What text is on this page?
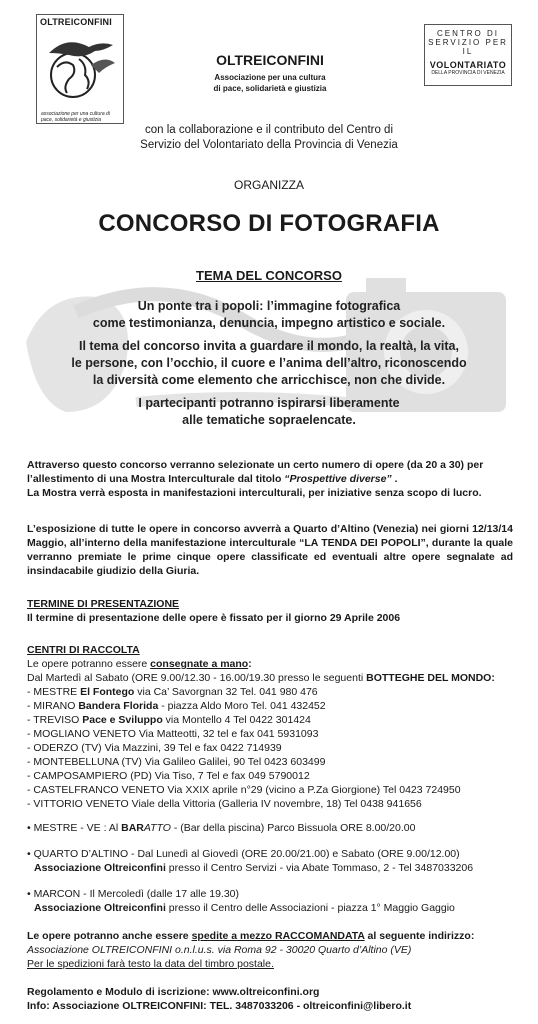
OLTREICONFINI
associazione per una cultura di pace, solidarietà e giustizia
OLTREICONFINI
Associazione per una cultura
di pace, solidarietà e giustizia
CENTRO DI SERVIZIO PER IL
VOLONTARIATO
DELLA PROVINCIA DI VENEZIA
con la collaborazione e il contributo del Centro di
Servizio del Volontariato della Provincia di Venezia
ORGANIZZA
CONCORSO DI FOTOGRAFIA
TEMA DEL CONCORSO

Un ponte tra i popoli: l’immagine fotografica
come testimonianza, denuncia, impegno artistico e sociale.

Il tema del concorso invita a guardare il mondo, la realtà, la vita,
le persone, con l’occhio, il cuore e l’anima dell’altro, riconoscendo
la diversità come elemento che arricchisce, non che divide.

I partecipanti potranno ispirarsi liberamente
alle tematiche sopraelencate.

Attraverso questo concorso verranno selezionate un certo numero di opere (da 20 a 30) per
l’allestimento di una Mostra Interculturale dal titolo “Prospettive diverse” .
La Mostra verrà esposta in manifestazioni interculturali, per iniziative senza scopo di lucro.
L’esposizione di tutte le opere in concorso avverrà a Quarto d’Altino (Venezia) nei giorni 12/13/14 Maggio, all’interno della manifestazione interculturale “LA TENDA DEI POPOLI”, durante la quale verranno premiate le prime cinque opere classificate ed eventuali altre opere segnalate ad insindacabile giudizio della Giuria.
TERMINE DI PRESENTAZIONE
Il termine di presentazione delle opere è fissato per il giorno 29 Aprile 2006
CENTRI DI RACCOLTA
Le opere potranno essere consegnate a mano:
Dal Martedì al Sabato (ORE 9.00/12.30 - 16.00/19.30 presso le seguenti BOTTEGHE DEL MONDO:
- MESTRE El Fontego via Ca’ Savorgnan 32 Tel. 041 980 476
- MIRANO Bandera Florida - piazza Aldo Moro Tel. 041 432452
- TREVISO Pace e Sviluppo via Montello 4 Tel 0422 301424
- MOGLIANO VENETO Via Matteotti, 32 tel e fax 041 5931093
- ODERZO (TV) Via Mazzini, 39 Tel e fax 0422 714939
- MONTEBELLUNA (TV) Via Galileo Galilei, 90 Tel 0423 603499
- CAMPOSAMPIERO (PD) Via Tiso, 7 Tel e fax 049 5790012
- CASTELFRANCO VENETO Via XXIX aprile n°29 (vicino a P.Za Giorgione) Tel 0423 724950
- VITTORIO VENETO Viale della Vittoria (Galleria IV novembre, 18) Tel 0438 941656
• MESTRE - VE : Al BARATTO - (Bar della piscina) Parco Bissuola ORE 8.00/20.00
• QUARTO D’ALTINO - Dal Lunedì al Giovedì (ORE 20.00/21.00) e Sabato (ORE 9.00/12.00)
Associazione Oltreiconfini presso il Centro Servizi - via Abate Tommaso, 2 - Tel 3487033206
• MARCON - Il Mercoledì (dalle 17 alle 19.30)
Associazione Oltreiconfini presso il Centro delle Associazioni - piazza 1° Maggio Gaggio
Le opere potranno anche essere spedite a mezzo RACCOMANDATA al seguente indirizzo:
Associazione OLTREICONFINI o.n.l.u.s. via Roma 92 - 30020 Quarto d’Altino (VE)
Per le spedizioni farà testo la data del timbro postale.
Regolamento e Modulo di iscrizione: www.oltreiconfini.org
Info: Associazione OLTREICONFINI: TEL. 3487033206 - oltreiconfini@libero.it
